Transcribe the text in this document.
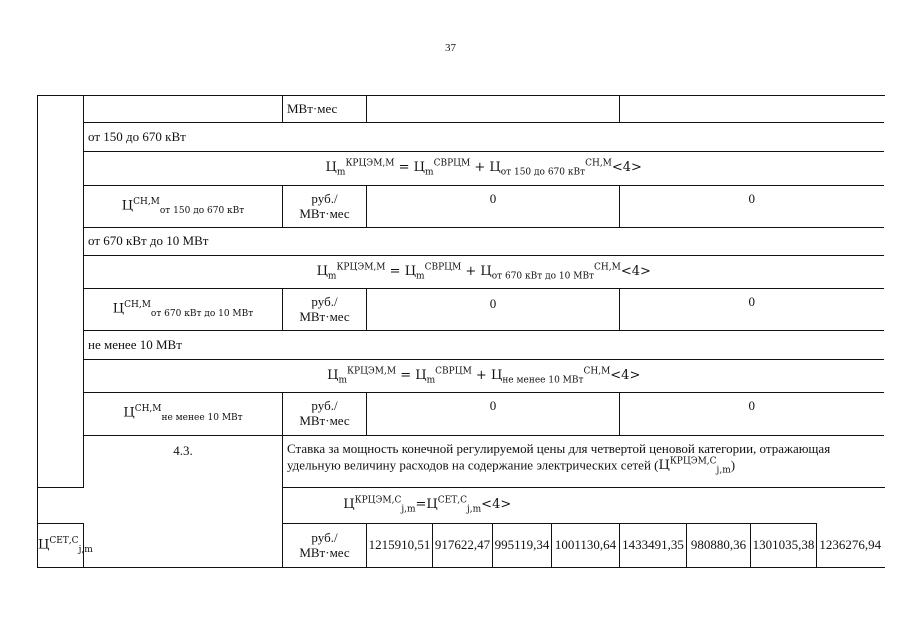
37
		МВт·мес								
	от 150 до 670 кВт									
	$Ц_m^{КРЦЭМ,М} = Ц_m^{СВРЦМ} + Ц_{от 150 до 670 кВт}^{СН,М}<4>$									
	$Ц^{СН,М}_{от 150 до 670 кВт}$	руб./
МВт·мес	0				0			
	от 670 кВт до 10 МВт									
	$Ц_m^{КРЦЭМ,М} = Ц_m^{СВРЦМ} + Ц_{от 670 кВт до 10 МВт}^{СН,М}<4>$									
	$Ц^{СН,М}_{от 670 кВт до 10 МВт}$	руб./
МВт·мес	0				0			
	не менее 10 МВт									
	$Ц_m^{КРЦЭМ,М} = Ц_m^{СВРЦМ} + Ц_{не менее 10 МВт}^{СН,М}<4>$									
	$Ц^{СН,М}_{не менее 10 МВт}$	руб./
МВт·мес	0				0			
	4.3.	Ставка за мощность конечной регулируемой цены для четвертой ценовой категории, отражающая удельную величину расходов на содержание электрических сетей $(Ц^{КРЦЭМ,С}_{j,m})$								
$Ц^{КРЦЭМ,С}_{j,m}=Ц^{СЕТ,С}_{j,m}<4>$										
$Ц^{СЕТ,С}_{j,m}$		руб./
МВт·мес	1215910,51	917622,47	995119,34	1001130,64	1433491,35	980880,36	1301035,38	1236276,94
